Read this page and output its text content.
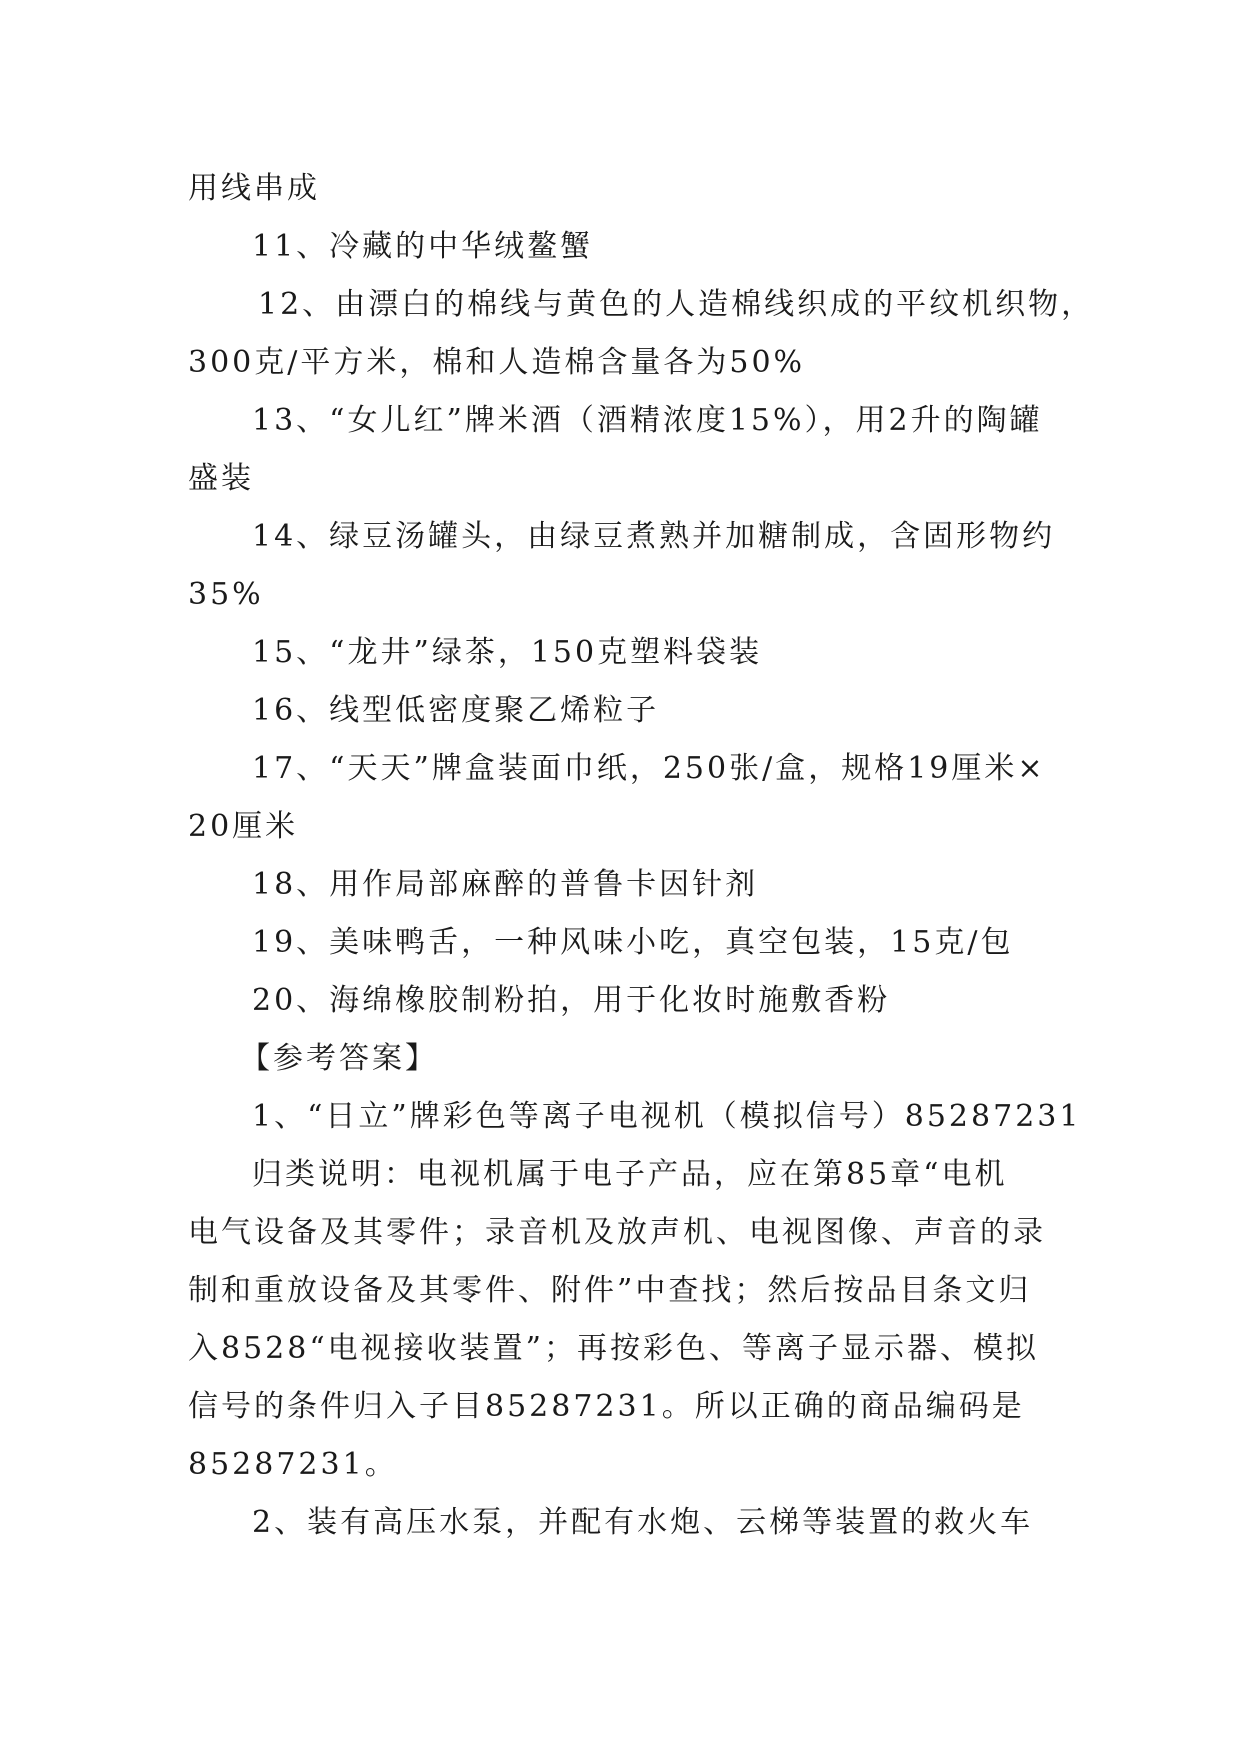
用线串成

11、冷藏的中华绒鳌蟹

12、由漂白的棉线与黄色的人造棉线织成的平纹机织物，

300克/平方米，棉和人造棉含量各为50%

13、“女儿红”牌米酒（酒精浓度15%），用2升的陶罐

盛装

14、绿豆汤罐头，由绿豆煮熟并加糖制成，含固形物约

35%

15、“龙井”绿茶，150克塑料袋装

16、线型低密度聚乙烯粒子

17、“天天”牌盒装面巾纸，250张/盒，规格19厘米×

20厘米

18、用作局部麻醉的普鲁卡因针剂

19、美味鸭舌，一种风味小吃，真空包装，15克/包

20、海绵橡胶制粉拍，用于化妆时施敷香粉

【参考答案】

1、“日立”牌彩色等离子电视机（模拟信号）85287231

归类说明：电视机属于电子产品，应在第85章“电机

电气设备及其零件；录音机及放声机、电视图像、声音的录

制和重放设备及其零件、附件”中查找；然后按品目条文归

入8528“电视接收装置”；再按彩色、等离子显示器、模拟

信号的条件归入子目85287231。所以正确的商品编码是

85287231。

2、装有高压水泵，并配有水炮、云梯等装置的救火车
